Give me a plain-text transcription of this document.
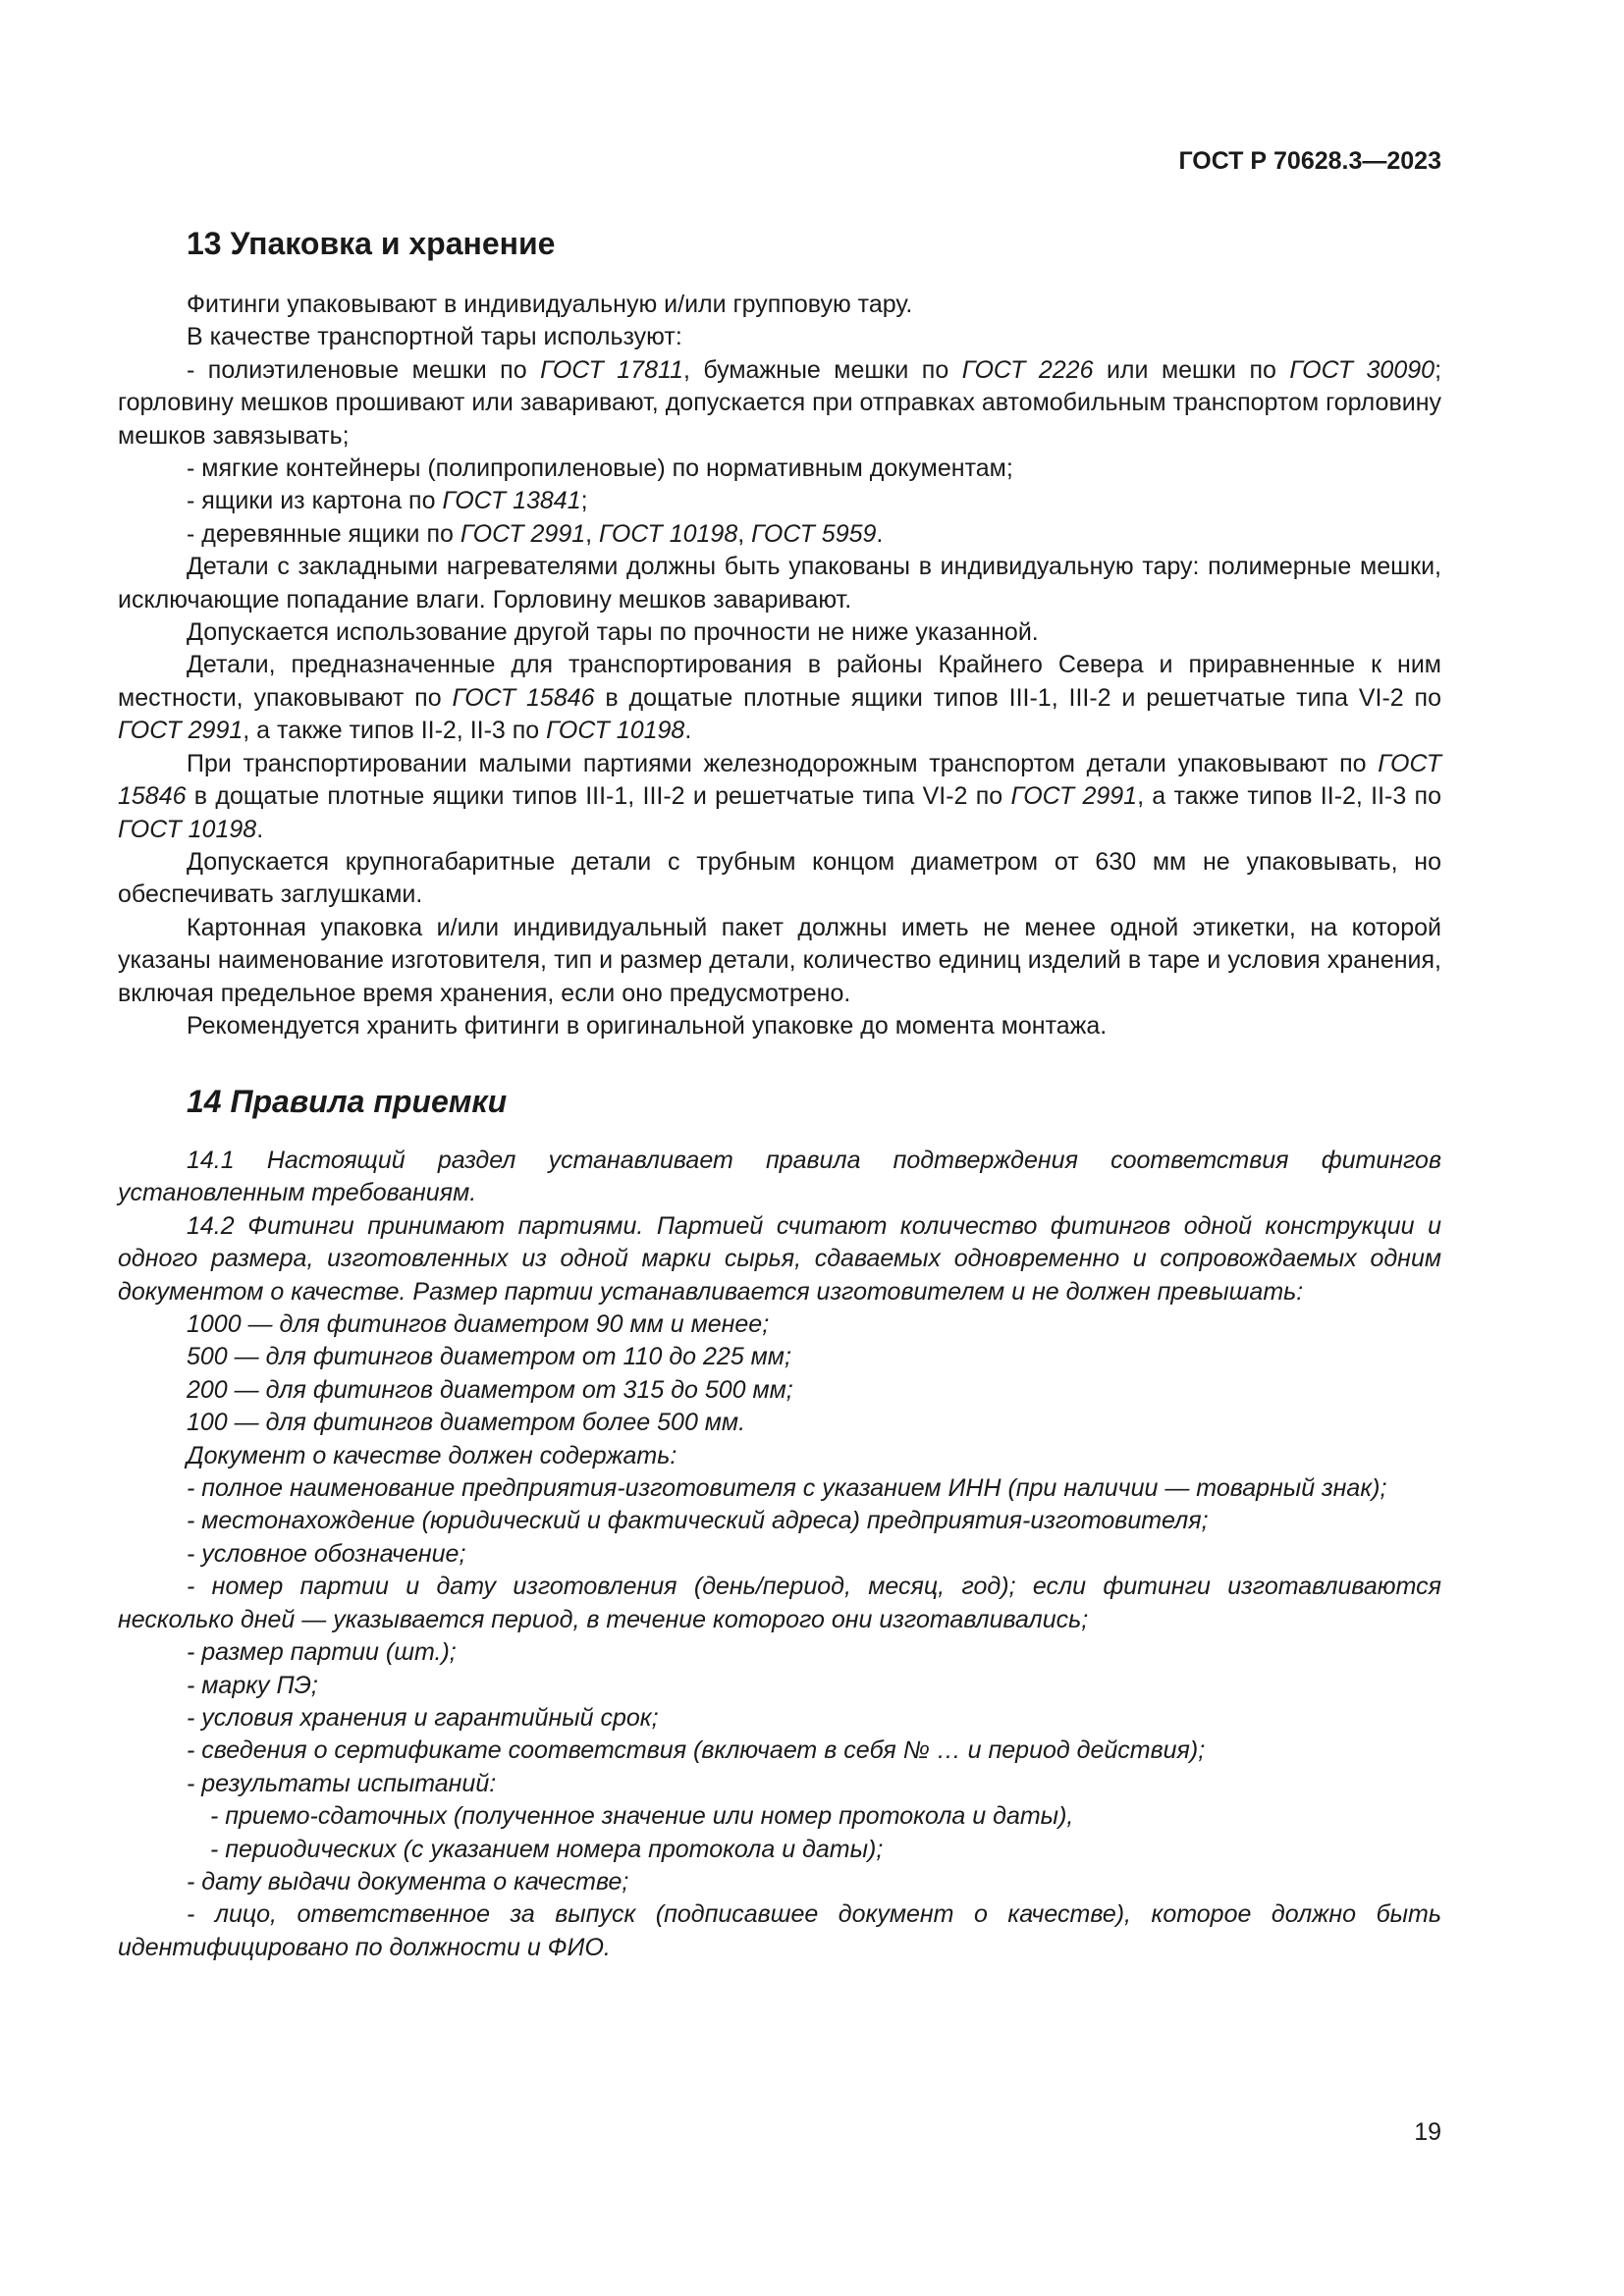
ГОСТ Р 70628.3—2023

13 Упаковка и хранение

Фитинги упаковывают в индивидуальную и/или групповую тару.

В качестве транспортной тары используют:

- полиэтиленовые мешки по ГОСТ 17811, бумажные мешки по ГОСТ 2226 или мешки по ГОСТ 30090; горловину мешков прошивают или заваривают, допускается при отправках автомобильным транспортом горловину мешков завязывать;

- мягкие контейнеры (полипропиленовые) по нормативным документам;

- ящики из картона по ГОСТ 13841;

- деревянные ящики по ГОСТ 2991, ГОСТ 10198, ГОСТ 5959.

Детали с закладными нагревателями должны быть упакованы в индивидуальную тару: полимерные мешки, исключающие попадание влаги. Горловину мешков заваривают.

Допускается использование другой тары по прочности не ниже указанной.

Детали, предназначенные для транспортирования в районы Крайнего Севера и приравненные к ним местности, упаковывают по ГОСТ 15846 в дощатые плотные ящики типов III-1, III-2 и решетчатые типа VI-2 по ГОСТ 2991, а также типов II-2, II-3 по ГОСТ 10198.

При транспортировании малыми партиями железнодорожным транспортом детали упаковывают по ГОСТ 15846 в дощатые плотные ящики типов III-1, III-2 и решетчатые типа VI-2 по ГОСТ 2991, а также типов II-2, II-3 по ГОСТ 10198.

Допускается крупногабаритные детали с трубным концом диаметром от 630 мм не упаковывать, но обеспечивать заглушками.

Картонная упаковка и/или индивидуальный пакет должны иметь не менее одной этикетки, на которой указаны наименование изготовителя, тип и размер детали, количество единиц изделий в таре и условия хранения, включая предельное время хранения, если оно предусмотрено.

Рекомендуется хранить фитинги в оригинальной упаковке до момента монтажа.

14 Правила приемки

14.1 Настоящий раздел устанавливает правила подтверждения соответствия фитингов установленным требованиям.

14.2 Фитинги принимают партиями. Партией считают количество фитингов одной конструкции и одного размера, изготовленных из одной марки сырья, сдаваемых одновременно и сопровождаемых одним документом о качестве. Размер партии устанавливается изготовителем и не должен превышать:

1000 — для фитингов диаметром 90 мм и менее;

500 — для фитингов диаметром от 110 до 225 мм;

200 — для фитингов диаметром от 315 до 500 мм;

100 — для фитингов диаметром более 500 мм.

Документ о качестве должен содержать:

- полное наименование предприятия-изготовителя с указанием ИНН (при наличии — товарный знак);

- местонахождение (юридический и фактический адреса) предприятия-изготовителя;

- условное обозначение;

- номер партии и дату изготовления (день/период, месяц, год); если фитинги изготавливаются несколько дней — указывается период, в течение которого они изготавливались;

- размер партии (шт.);

- марку ПЭ;

- условия хранения и гарантийный срок;

- сведения о сертификате соответствия (включает в себя № … и период действия);

- результаты испытаний:

- приемо-сдаточных (полученное значение или номер протокола и даты),

- периодических (с указанием номера протокола и даты);

- дату выдачи документа о качестве;

- лицо, ответственное за выпуск (подписавшее документ о качестве), которое должно быть идентифицировано по должности и ФИО.

19
